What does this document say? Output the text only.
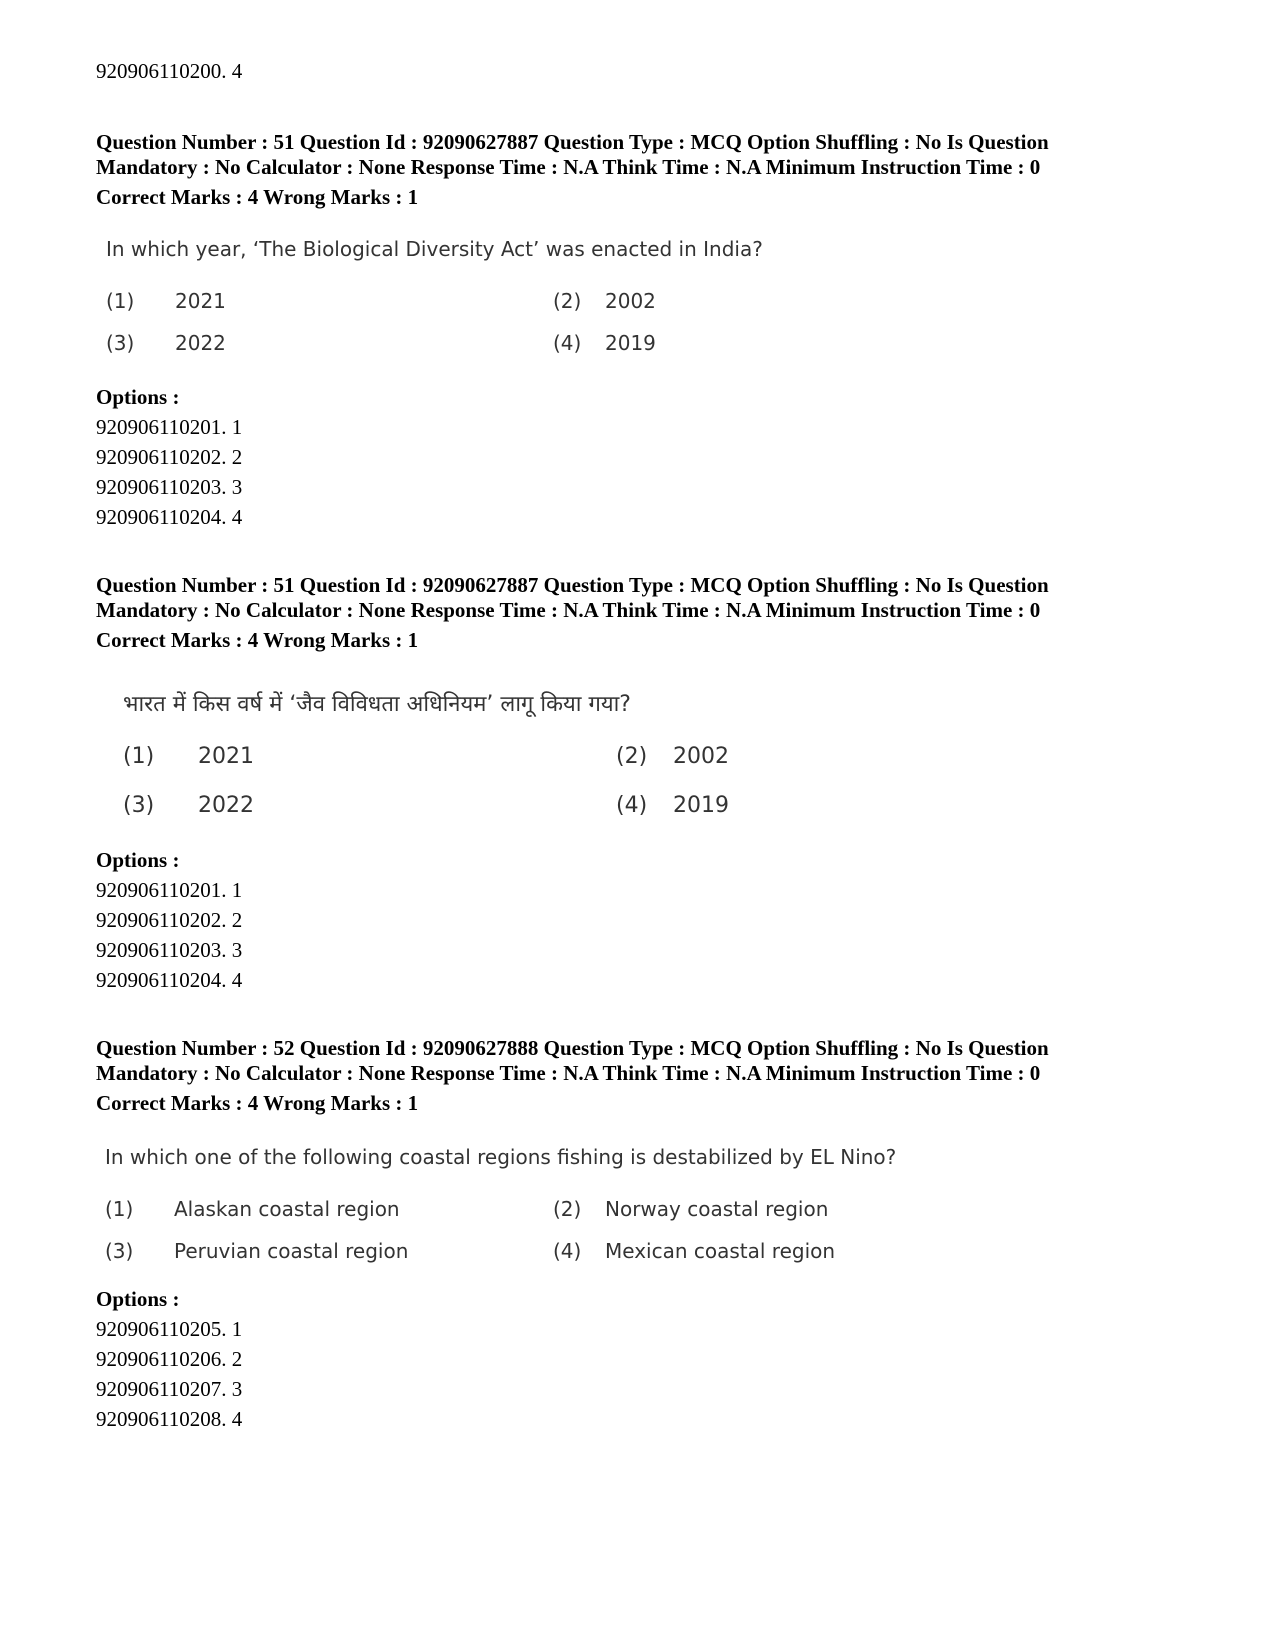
920906110200. 4
Question Number : 51 Question Id : 92090627887 Question Type : MCQ Option Shuffling : No Is Question
Mandatory : No Calculator : None Response Time : N.A Think Time : N.A Minimum Instruction Time : 0
Correct Marks : 4 Wrong Marks : 1
In which year, ‘The Biological Diversity Act’ was enacted in India?
(1) 2021	(2) 2002
(3) 2022	(4) 2019
Options :
920906110201. 1
920906110202. 2
920906110203. 3
920906110204. 4
Question Number : 51 Question Id : 92090627887 Question Type : MCQ Option Shuffling : No Is Question
Mandatory : No Calculator : None Response Time : N.A Think Time : N.A Minimum Instruction Time : 0
Correct Marks : 4 Wrong Marks : 1
भारत में किस वर्ष में ‘जैव विविधता अधिनियम’ लागू किया गया?
(1) 2021	(2) 2002
(3) 2022	(4) 2019
Options :
920906110201. 1
920906110202. 2
920906110203. 3
920906110204. 4
Question Number : 52 Question Id : 92090627888 Question Type : MCQ Option Shuffling : No Is Question
Mandatory : No Calculator : None Response Time : N.A Think Time : N.A Minimum Instruction Time : 0
Correct Marks : 4 Wrong Marks : 1
In which one of the following coastal regions fishing is destabilized by EL Nino?
(1) Alaskan coastal region	(2) Norway coastal region
(3) Peruvian coastal region	(4) Mexican coastal region
Options :
920906110205. 1
920906110206. 2
920906110207. 3
920906110208. 4
